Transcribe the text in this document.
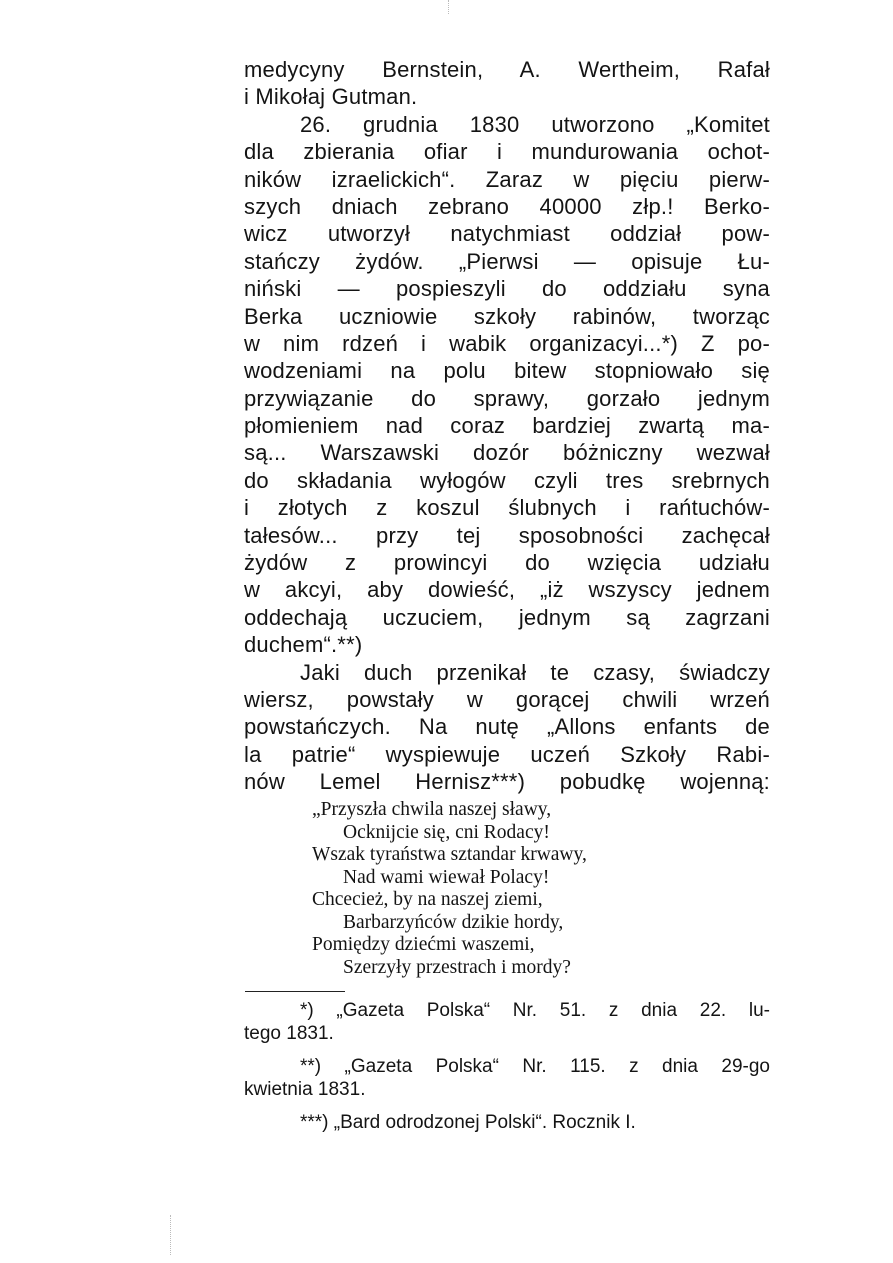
medycyny Bernstein, A. Wertheim, Rafał
i Mikołaj Gutman.
26. grudnia 1830 utworzono „Komitet
dla zbierania ofiar i mundurowania ochot-
ników izraelickich“. Zaraz w pięciu pierw-
szych dniach zebrano 40000 złp.! Berko-
wicz utworzył natychmiast oddział pow-
stańczy żydów. „Pierwsi — opisuje Łu-
niński — pospieszyli do oddziału syna
Berka uczniowie szkoły rabinów, tworząc
w nim rdzeń i wabik organizacyi...*) Z po-
wodzeniami na polu bitew stopniowało się
przywiązanie do sprawy, gorzało jednym
płomieniem nad coraz bardziej zwartą ma-
są... Warszawski dozór bóżniczny wezwał
do składania wyłogów czyli tres srebrnych
i złotych z koszul ślubnych i rańtuchów-
tałesów... przy tej sposobności zachęcał
żydów z prowincyi do wzięcia udziału
w akcyi, aby dowieść, „iż wszyscy jednem
oddechają uczuciem, jednym są zagrzani
duchem“.**)
Jaki duch przenikał te czasy, świadczy
wiersz, powstały w gorącej chwili wrzeń
powstańczych. Na nutę „Allons enfants de
la patrie“ wyspiewuje uczeń Szkoły Rabi-
nów Lemel Hernisz***) pobudkę wojenną:
„Przyszła chwila naszej sławy,
Ocknijcie się, cni Rodacy!
Wszak tyraństwa sztandar krwawy,
Nad wami wiewał Polacy!
Chcecież, by na naszej ziemi,
Barbarzyńców dzikie hordy,
Pomiędzy dziećmi waszemi,
Szerzyły przestrach i mordy?
*) „Gazeta Polska“ Nr. 51. z dnia 22. lu-
tego 1831.
**) „Gazeta Polska“ Nr. 115. z dnia 29-go
kwietnia 1831.
***) „Bard odrodzonej Polski“. Rocznik I.
